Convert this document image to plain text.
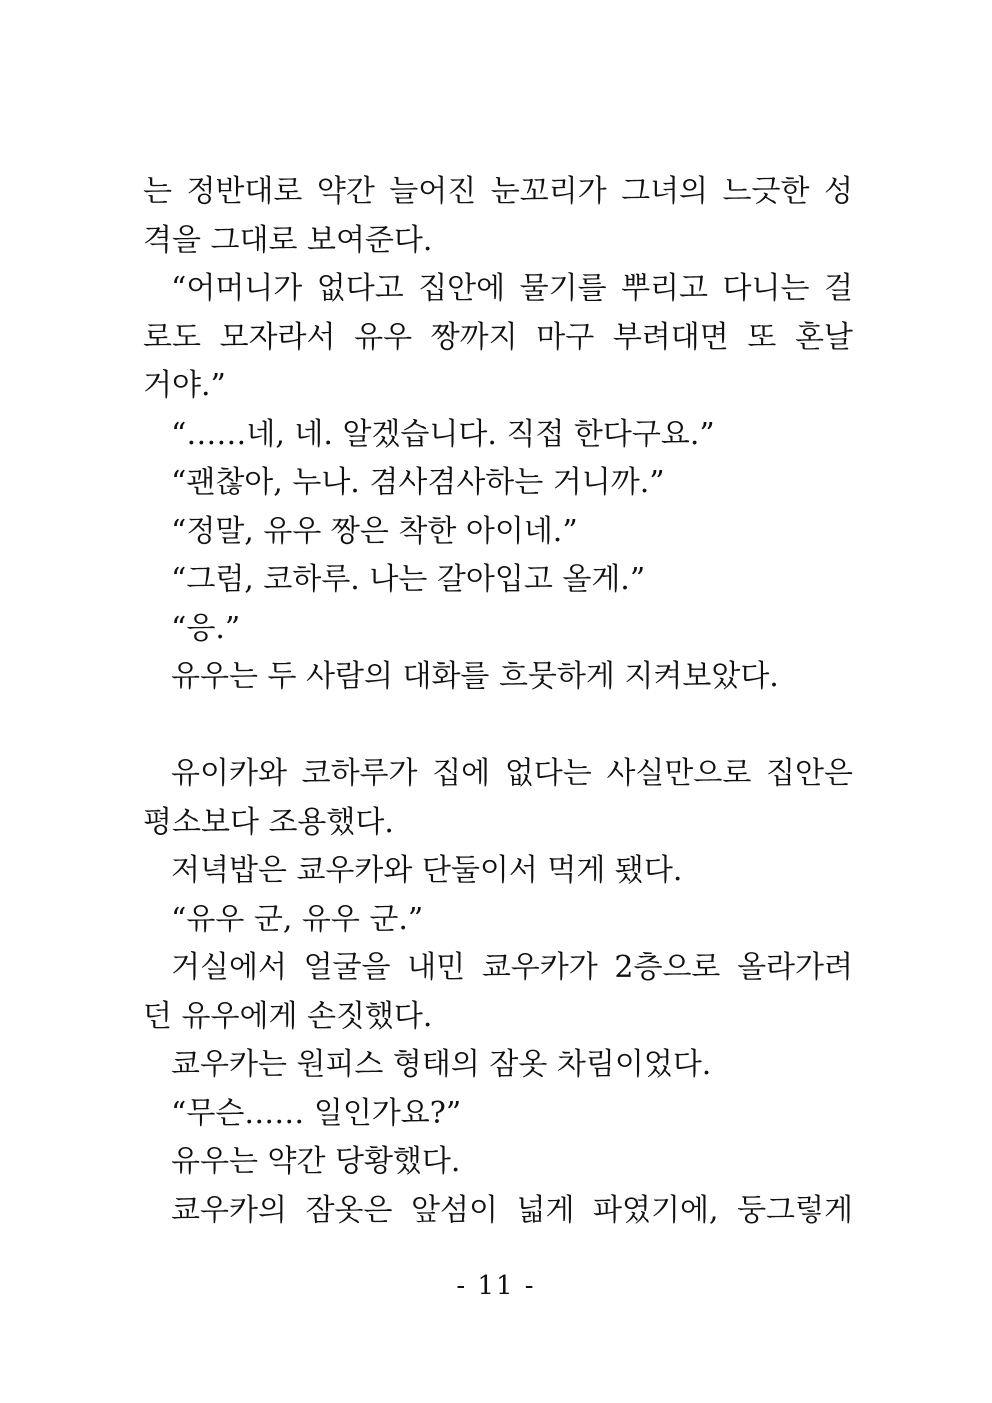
는 정반대로 약간 늘어진 눈꼬리가 그녀의 느긋한 성
격을 그대로 보여준다.
“어머니가 없다고 집안에 물기를 뿌리고 다니는 걸
로도 모자라서 유우 짱까지 마구 부려대면 또 혼날
거야.”
“……네, 네. 알겠습니다. 직접 한다구요.”
“괜찮아, 누나. 겸사겸사하는 거니까.”
“정말, 유우 짱은 착한 아이네.”
“그럼, 코하루. 나는 갈아입고 올게.”
“응.”
유우는 두 사람의 대화를 흐뭇하게 지켜보았다.
유이카와 코하루가 집에 없다는 사실만으로 집안은
평소보다 조용했다.
저녁밥은 쿄우카와 단둘이서 먹게 됐다.
“유우 군, 유우 군.”
거실에서 얼굴을 내민 쿄우카가 2층으로 올라가려
던 유우에게 손짓했다.
쿄우카는 원피스 형태의 잠옷 차림이었다.
“무슨…… 일인가요?”
유우는 약간 당황했다.
쿄우카의 잠옷은 앞섬이 넓게 파였기에, 둥그렇게
- 11 -
